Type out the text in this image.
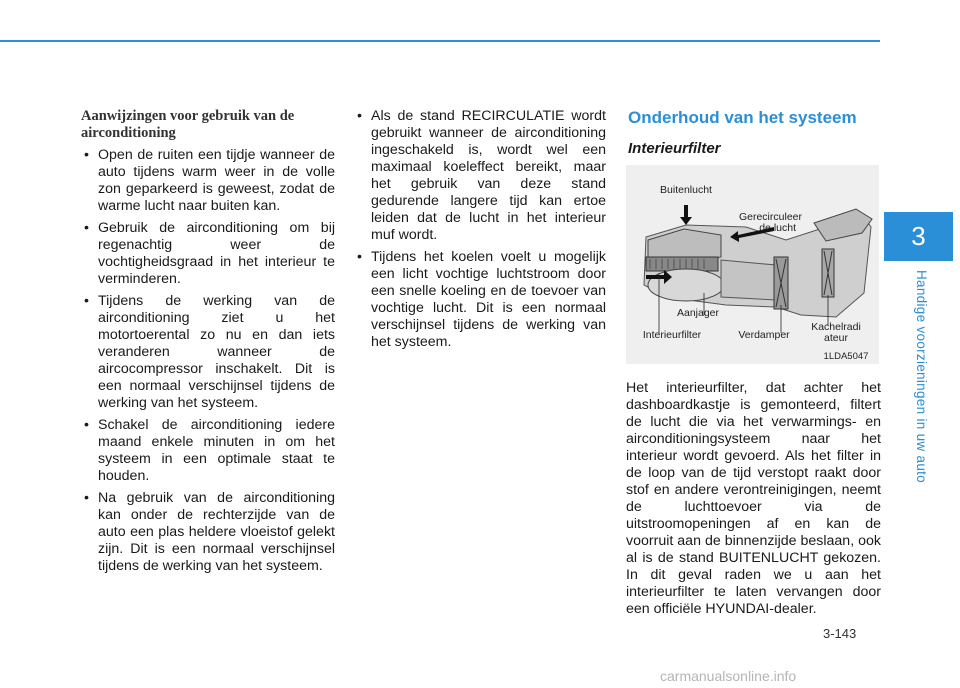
Aanwijzingen voor gebruik van de airconditioning
• Open de ruiten een tijdje wanneer de auto tijdens warm weer in de volle zon geparkeerd is geweest, zodat de warme lucht naar buiten kan.
• Gebruik de airconditioning om bij regenachtig weer de vochtigheidsgraad in het interieur te verminderen.
• Tijdens de werking van de airconditioning ziet u het motortoerental zo nu en dan iets veranderen wanneer de aircocompressor inschakelt. Dit is een normaal verschijnsel tijdens de werking van het systeem.
• Schakel de airconditioning iedere maand enkele minuten in om het systeem in een optimale staat te houden.
• Na gebruik van de airconditioning kan onder de rechterzijde van de auto een plas heldere vloeistof gelekt zijn. Dit is een normaal verschijnsel tijdens de werking van het systeem.
• Als de stand RECIRCULATIE wordt gebruikt wanneer de airconditioning ingeschakeld is, wordt wel een maximaal koeleffect bereikt, maar het gebruik van deze stand gedurende langere tijd kan ertoe leiden dat de lucht in het interieur muf wordt.
• Tijdens het koelen voelt u mogelijk een licht vochtige luchtstroom door een snelle koeling en de toevoer van vochtige lucht. Dit is een normaal verschijnsel tijdens de werking van het systeem.
Onderhoud van het systeem
Interieurfilter
Buitenlucht
Gerecirculeer
de lucht
Aanjager
Interieurfilter	Verdamper
Kachelradi
ateur
1LDA5047

Het interieurfilter, dat achter het dashboardkastje is gemonteerd, filtert de lucht die via het verwarmings- en airconditioningsysteem naar het interieur wordt gevoerd. Als het filter in de loop van de tijd verstopt raakt door stof en andere verontreinigingen, neemt de luchttoevoer via de uitstroomopeningen af en kan de voorruit aan de binnenzijde beslaan, ook al is de stand BUITENLUCHT gekozen. In dit geval raden we u aan het interieurfilter te laten vervangen door een officiële HYUNDAI-dealer.

3
Handige voorzieningen in uw auto
3-143
carmanualsonline.info
